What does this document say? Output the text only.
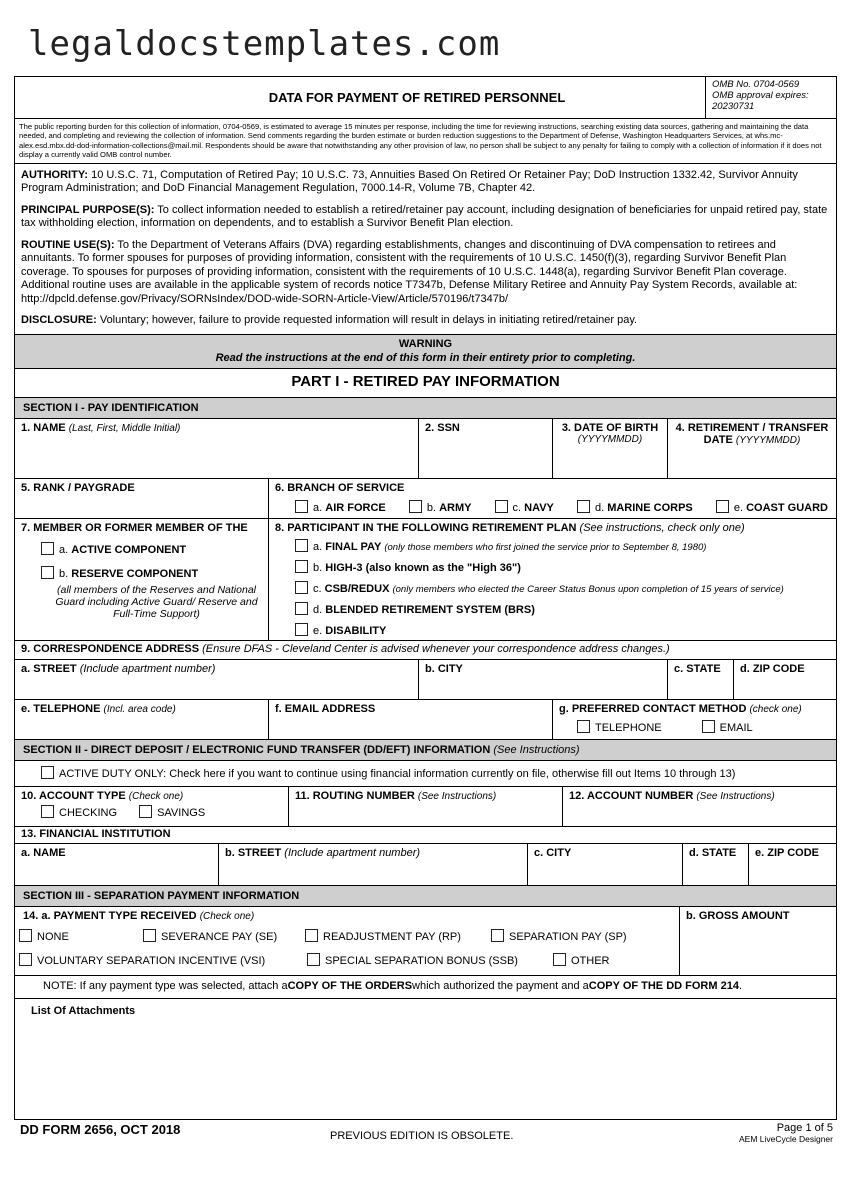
legaldocstemplates.com
DATA FOR PAYMENT OF RETIRED PERSONNEL
OMB No. 0704-0569
OMB approval expires:
20230731
The public reporting burden for this collection of information, 0704-0569, is estimated to average 15 minutes per response, including the time for reviewing instructions, searching existing data sources, gathering and maintaining the data needed, and completing and reviewing the collection of information. Send comments regarding the burden estimate or burden reduction suggestions to the Department of Defense, Washington Headquarters Services, at whs.mc-alex.esd.mbx.dd-dod-information-collections@mail.mil. Respondents should be aware that notwithstanding any other provision of law, no person shall be subject to any penalty for failing to comply with a collection of information if it does not display a currently valid OMB control number.
AUTHORITY: 10 U.S.C. 71, Computation of Retired Pay; 10 U.S.C. 73, Annuities Based On Retired Or Retainer Pay; DoD Instruction 1332.42, Survivor Annuity Program Administration; and DoD Financial Management Regulation, 7000.14-R, Volume 7B, Chapter 42.
PRINCIPAL PURPOSE(S): To collect information needed to establish a retired/retainer pay account, including designation of beneficiaries for unpaid retired pay, state tax withholding election, information on dependents, and to establish a Survivor Benefit Plan election.
ROUTINE USE(S): To the Department of Veterans Affairs (DVA) regarding establishments, changes and discontinuing of DVA compensation to retirees and annuitants. To former spouses for purposes of providing information, consistent with the requirements of 10 U.S.C. 1450(f)(3), regarding Survivor Benefit Plan coverage. To spouses for purposes of providing information, consistent with the requirements of 10 U.S.C. 1448(a), regarding Survivor Benefit Plan coverage. Additional routine uses are available in the applicable system of records notice T7347b, Defense Military Retiree and Annuity Pay System Records, available at: http://dpcld.defense.gov/Privacy/SORNsIndex/DOD-wide-SORN-Article-View/Article/570196/t7347b/
DISCLOSURE: Voluntary; however, failure to provide requested information will result in delays in initiating retired/retainer pay.
WARNING
Read the instructions at the end of this form in their entirety prior to completing.
PART I - RETIRED PAY INFORMATION
SECTION I - PAY IDENTIFICATION
1. NAME (Last, First, Middle Initial)	2. SSN	3. DATE OF BIRTH
(YYYYMMDD)
4. RETIREMENT / TRANSFER
DATE (YYYYMMDD)
5. RANK / PAYGRADE	6. BRANCH OF SERVICE
a. AIR FORCE	b. ARMY	c. NAVY	d. MARINE CORPS	e. COAST GUARD
7. MEMBER OR FORMER MEMBER OF THE
a. ACTIVE COMPONENT
b. RESERVE COMPONENT
(all members of the Reserves and National Guard including Active Guard/ Reserve and Full-Time Support)
8. PARTICIPANT IN THE FOLLOWING RETIREMENT PLAN (See instructions, check only one)
a. FINAL PAY (only those members who first joined the service prior to September 8, 1980)
b. HIGH-3 (also known as the "High 36")
c. CSB/REDUX (only members who elected the Career Status Bonus upon completion of 15 years of service)
d. BLENDED RETIREMENT SYSTEM (BRS)
e. DISABILITY
9. CORRESPONDENCE ADDRESS
(Ensure DFAS - Cleveland Center is advised whenever your correspondence address changes.)
a. STREET (Include apartment number)	b. CITY	c. STATE	d. ZIP CODE
e. TELEPHONE (Incl. area code)	f. EMAIL ADDRESS	g. PREFERRED CONTACT METHOD (check one)
TELEPHONE	EMAIL
SECTION II - DIRECT DEPOSIT / ELECTRONIC FUND TRANSFER (DD/EFT) INFORMATION (See Instructions)
ACTIVE DUTY ONLY: Check here if you want to continue using financial information currently on file, otherwise fill out Items 10 through 13)
10. ACCOUNT TYPE (Check one)
CHECKING	SAVINGS
11. ROUTING NUMBER (See Instructions)	12. ACCOUNT NUMBER (See Instructions)
13. FINANCIAL INSTITUTION
a. NAME	b. STREET (Include apartment number)	c. CITY	d. STATE	e. ZIP CODE
SECTION III - SEPARATION PAYMENT INFORMATION
14. a. PAYMENT TYPE RECEIVED (Check one)
NONE	SEVERANCE PAY (SE)	READJUSTMENT PAY (RP)	SEPARATION PAY (SP)
VOLUNTARY SEPARATION INCENTIVE (VSI)	SPECIAL SEPARATION BONUS (SSB)	OTHER
b. GROSS AMOUNT
NOTE: If any payment type was selected, attach a COPY OF THE ORDERS which authorized the payment and a COPY OF THE DD FORM 214 .
List Of Attachments
DD FORM 2656, OCT 2018	PREVIOUS EDITION IS OBSOLETE.
Page 1 of 5
AEM LiveCycle Designer
